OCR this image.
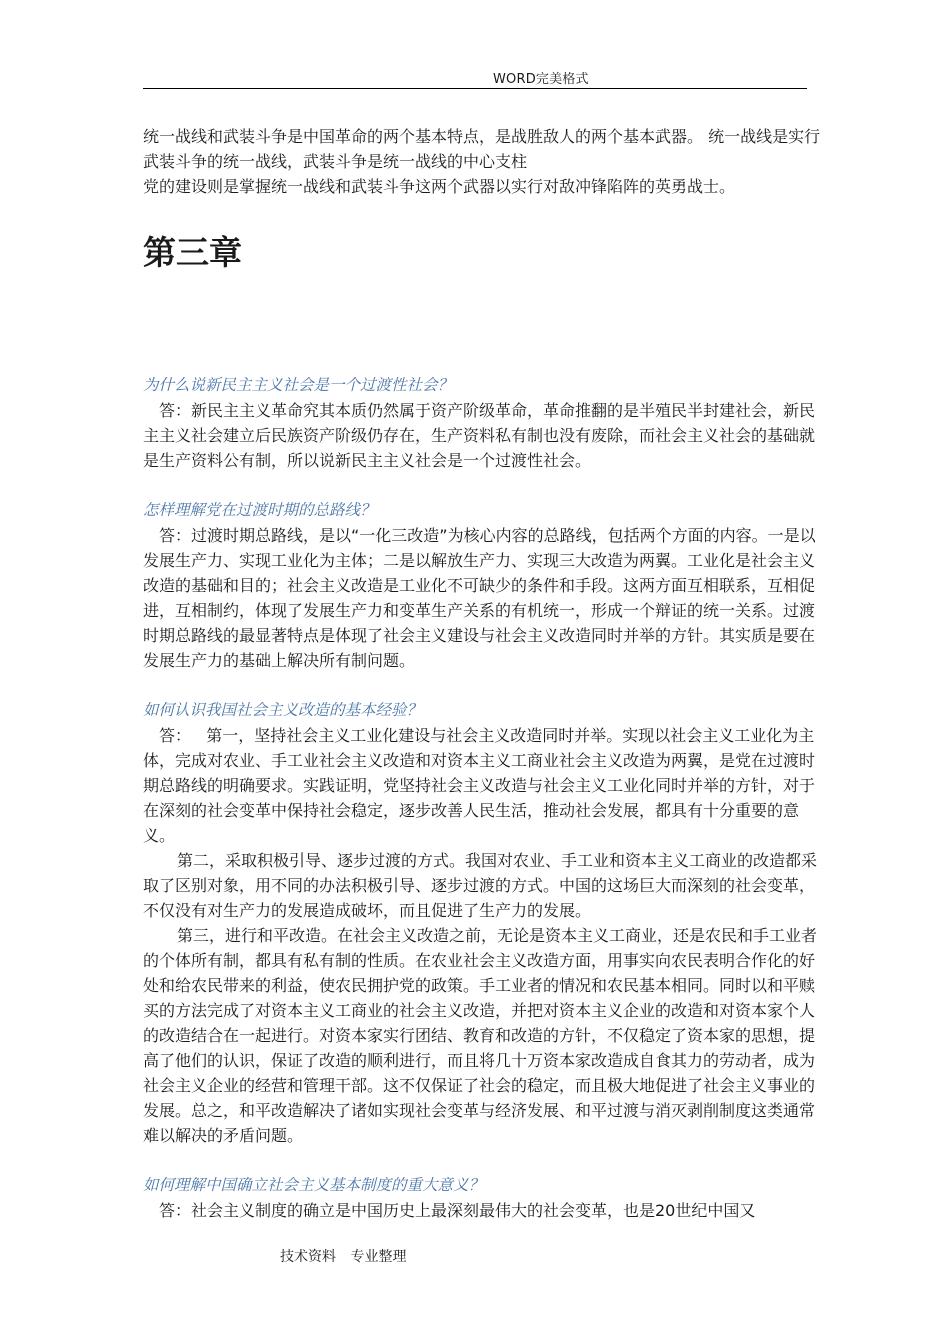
WORD完美格式

统一战线和武装斗争是中国革命的两个基本特点，是战胜敌人的两个基本武器。 统一战线是实行武装斗争的统一战线，武装斗争是统一战线的中心支柱

党的建设则是掌握统一战线和武装斗争这两个武器以实行对敌冲锋陷阵的英勇战士。

第三章

为什么说新民主主义社会是一个过渡性社会？

答：新民主主义革命究其本质仍然属于资产阶级革命，革命推翻的是半殖民半封建社会，新民主主义社会建立后民族资产阶级仍存在，生产资料私有制也没有废除，而社会主义社会的基础就是生产资料公有制，所以说新民主主义社会是一个过渡性社会。

怎样理解党在过渡时期的总路线？

答：过渡时期总路线，是以“一化三改造”为核心内容的总路线，包括两个方面的内容。一是以发展生产力、实现工业化为主体；二是以解放生产力、实现三大改造为两翼。工业化是社会主义改造的基础和目的；社会主义改造是工业化不可缺少的条件和手段。这两方面互相联系，互相促进，互相制约，体现了发展生产力和变革生产关系的有机统一，形成一个辩证的统一关系。过渡时期总路线的最显著特点是体现了社会主义建设与社会主义改造同时并举的方针。其实质是要在发展生产力的基础上解决所有制问题。

如何认识我国社会主义改造的基本经验？

答：   第一，坚持社会主义工业化建设与社会主义改造同时并举。实现以社会主义工业化为主体，完成对农业、手工业社会主义改造和对资本主义工商业社会主义改造为两翼，是党在过渡时期总路线的明确要求。实践证明，党坚持社会主义改造与社会主义工业化同时并举的方针，对于在深刻的社会变革中保持社会稳定，逐步改善人民生活，推动社会发展，都具有十分重要的意义。

第二，采取积极引导、逐步过渡的方式。我国对农业、手工业和资本主义工商业的改造都采取了区别对象，用不同的办法积极引导、逐步过渡的方式。中国的这场巨大而深刻的社会变革，不仅没有对生产力的发展造成破坏，而且促进了生产力的发展。

第三，进行和平改造。在社会主义改造之前，无论是资本主义工商业，还是农民和手工业者的个体所有制，都具有私有制的性质。在农业社会主义改造方面，用事实向农民表明合作化的好处和给农民带来的利益，使农民拥护党的政策。手工业者的情况和农民基本相同。同时以和平赎买的方法完成了对资本主义工商业的社会主义改造，并把对资本主义企业的改造和对资本家个人的改造结合在一起进行。对资本家实行团结、教育和改造的方针，不仅稳定了资本家的思想，提高了他们的认识，保证了改造的顺利进行，而且将几十万资本家改造成自食其力的劳动者，成为社会主义企业的经营和管理干部。这不仅保证了社会的稳定，而且极大地促进了社会主义事业的发展。总之，和平改造解决了诸如实现社会变革与经济发展、和平过渡与消灭剥削制度这类通常难以解决的矛盾问题。

如何理解中国确立社会主义基本制度的重大意义？

答：社会主义制度的确立是中国历史上最深刻最伟大的社会变革，也是20世纪中国又

技术资料 专业整理
